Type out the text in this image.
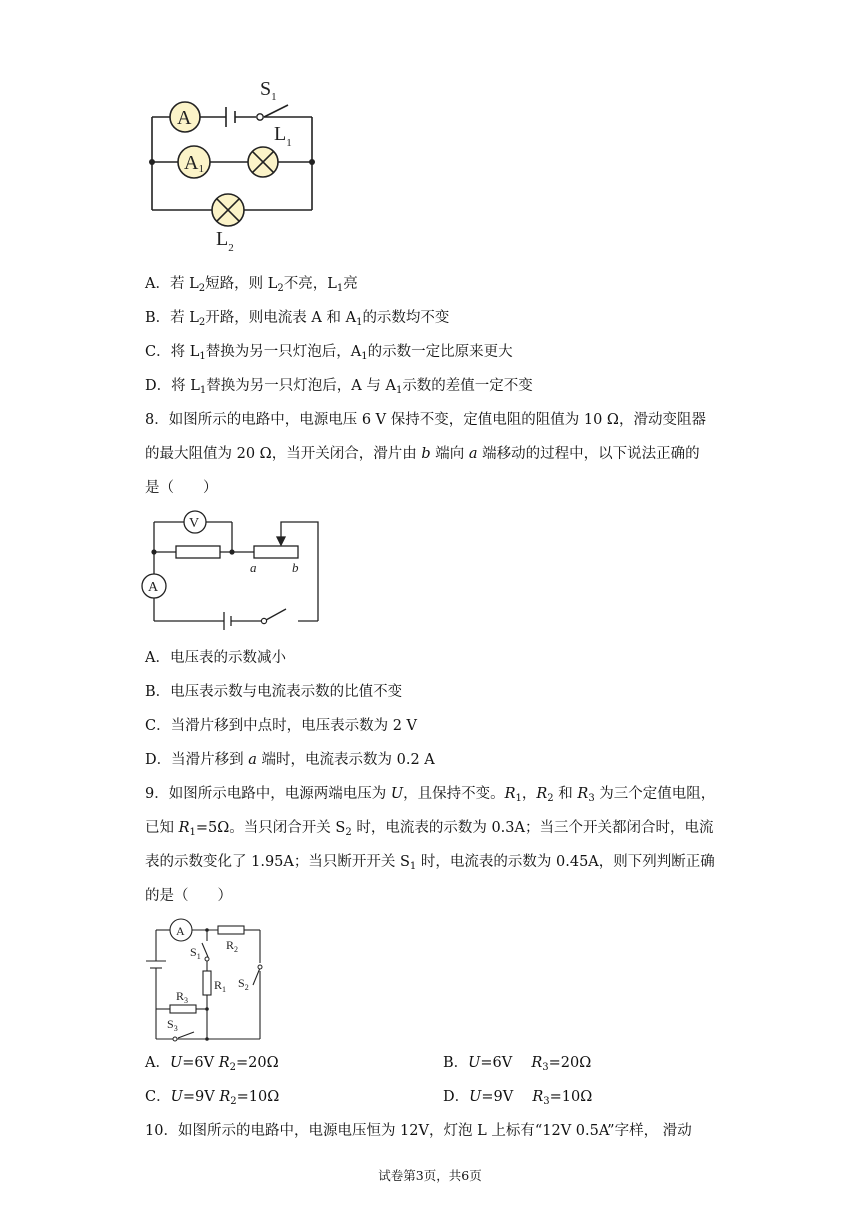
A
A1
$S_1$
$L_1$
$L_2$
A．若 $L_2$短路，则 $L_2$不亮，$L_1$亮
B．若 $L_2$开路，则电流表 A 和 $A_1$的示数均不变
C．将 $L_1$替换为另一只灯泡后，$A_1$的示数一定比原来更大
D．将 $L_1$替换为另一只灯泡后，A 与 $A_1$示数的差值一定不变
8．如图所示的电路中，电源电压 6 V 保持不变，定值电阻的阻值为 10 Ω，滑动变阻器
的最大阻值为 20 Ω，当开关闭合，滑片由 b 端向 a 端移动的过程中，以下说法正确的
是（　　）
V
A
a	b
A．电压表的示数减小
B．电压表示数与电流表示数的比值不变
C．当滑片移到中点时，电压表示数为 2 V
D．当滑片移到 a 端时，电流表示数为 0.2 A
9．如图所示电路中，电源两端电压为 U，且保持不变。$R_1$，$R_2$ 和 $R_3$ 为三个定值电阻，
已知 $R_1=5\Omega$。当只闭合开关 $S_2$ 时，电流表的示数为 0.3A；当三个开关都闭合时，电流
表的示数变化了 1.95A；当只断开开关 $S_1$ 时，电流表的示数为 0.45A，则下列判断正确
的是（　　）
A
$S_1$
$R_2$
$R_1$ $S_2$
$R_3$
$S_3$
A．U=6V $R_2=20\Omega$	B．U=6V　 $R_3=20\Omega$
C．U=9V $R_2=10\Omega$	D．U=9V　 $R_3=10\Omega$
10．如图所示的电路中，电源电压恒为 12V，灯泡 L 上标有“12V 0.5A”字样， 滑动
试卷第3页，共6页
